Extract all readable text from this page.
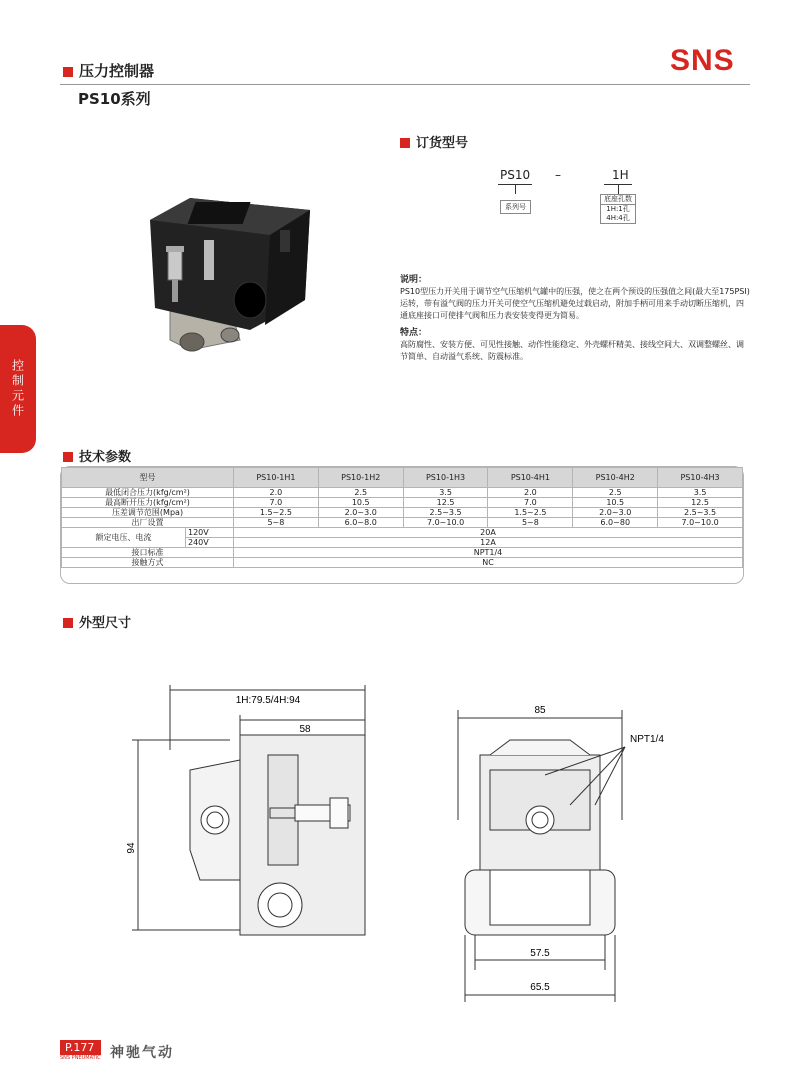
压力控制器
PS10系列
SNS
控制元件
订货型号
PS10 –	1H
系列号
底座孔数
1H:1孔
4H:4孔
说明：
PS10型压力开关用于调节空气压缩机气罐中的压强，使之在两个预设的压强值之间(最大至175PSI)运转，带有溢气阀的压力开关可使空气压缩机避免过载启动，附加手柄可用来手动切断压缩机，四通底座接口可使排气阀和压力表安装变得更为简易。
特点：
高防腐性、安装方便、可见性接触、动作性能稳定、外壳螺杆精美、接线空间大、双调整螺丝、调节简单、自动溢气系统、防震标准。
技术参数
型号		PS10-1H1	PS10-1H2	PS10-1H3	PS10-4H1	PS10-4H2	PS10-4H3
最低闭合压力(kfg/cm²)		2.0	2.5	3.5	2.0	2.5	3.5
最高断开压力(kfg/cm²)		7.0	10.5	12.5	7.0	10.5	12.5
压差调节范围(Mpa)		1.5~2.5	2.0~3.0	2.5~3.5	1.5~2.5	2.0~3.0	2.5~3.5
出厂设置		5~8	6.0~8.0	7.0~10.0	5~8	6.0~80	7.0~10.0
额定电压、电流	120V	20A					
	240V	12A					
接口标准		NPT1/4					
接触方式		NC					
外型尺寸
1H:79.5/4H:94
58
94
85
NPT1/4
57.5
65.5
P.177
SNS PNEUMATIC 神驰气动
